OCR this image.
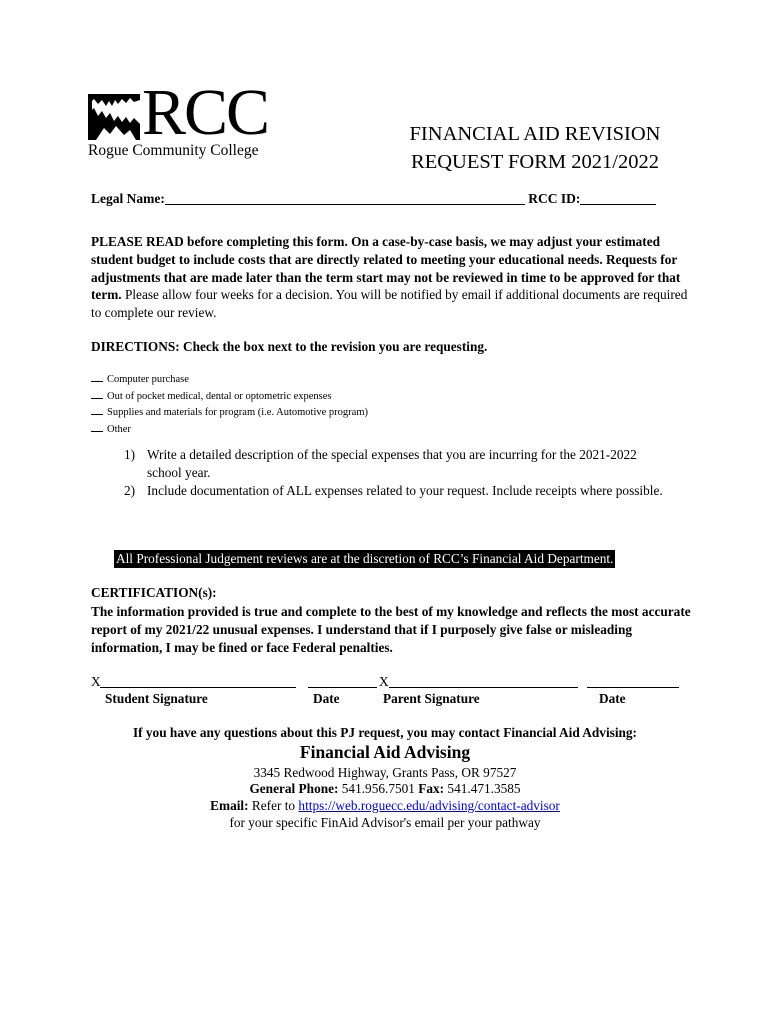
RCC
Rogue Community College
FINANCIAL AID REVISION
REQUEST FORM 2021/2022
Legal Name:	RCC ID:
PLEASE READ before completing this form. On a case-by-case basis, we may adjust your estimated student budget to include costs that are directly related to meeting your educational needs. Requests for adjustments that are made later than the term start may not be reviewed in time to be approved for that term. Please allow four weeks for a decision. You will be notified by email if additional documents are required to complete our review.
DIRECTIONS: Check the box next to the revision you are requesting.
Computer purchase
Out of pocket medical, dental or optometric expenses
Supplies and materials for program (i.e. Automotive program)
Other
1) Write a detailed description of the special expenses that you are incurring for the 2021-2022 school year.
2) Include documentation of ALL expenses related to your request. Include receipts where possible.
All Professional Judgement reviews are at the discretion of RCC’s Financial Aid Department.
CERTIFICATION(s):
The information provided is true and complete to the best of my knowledge and reflects the most accurate report of my 2021/22 unusual expenses. I understand that if I purposely give false or misleading information, I may be fined or face Federal penalties.
X	X
Student Signature	Date	Parent Signature	Date
If you have any questions about this PJ request, you may contact Financial Aid Advising:
Financial Aid Advising
3345 Redwood Highway, Grants Pass, OR 97527
General Phone: 541.956.7501 Fax: 541.471.3585
Email: Refer to https://web.roguecc.edu/advising/contact-advisor
for your specific FinAid Advisor's email per your pathway
